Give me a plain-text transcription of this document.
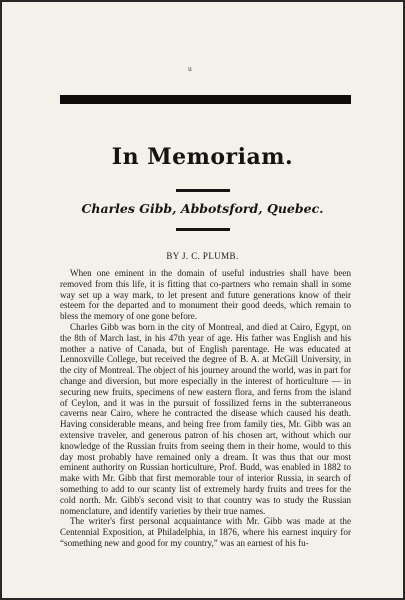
u
In Memoriam.
Charles Gibb, Abbotsford, Quebec.
BY J. C. PLUMB.

When one eminent in the domain of useful industries shall have been removed from this life, it is fitting that co-partners who remain shall in some way set up a way mark, to let present and future generations know of their esteem for the departed and to monument their good deeds, which remain to bless the memory of one gone before.

Charles Gibb was born in the city of Montreal, and died at Cairo, Egypt, on the 8th of March last, in his 47th year of age. His father was English and his mother a native of Canada, but of English parentage. He was educated at Lennoxville College, but received the degree of B. A. at McGill University, in the city of Montreal. The object of his journey around the world, was in part for change and diversion, but more especially in the interest of horticulture — in securing new fruits, specimens of new eastern flora, and ferns from the island of Ceylon, and it was in the pursuit of fossilized ferns in the subterraneous caverns near Cairo, where he contracted the disease which caused his death. Having considerable means, and being free from family ties, Mr. Gibb was an extensive traveler, and generous patron of his chosen art, without which our knowledge of the Russian fruits from seeing them in their home, would to this day most probably have remained only a dream. It was thus that our most eminent authority on Russian horticulture, Prof. Budd, was enabled in 1882 to make with Mr. Gibb that first memorable tour of interior Russia, in search of something to add to our scanty list of extremely hardy fruits and trees for the cold north. Mr. Gibb's second visit to that country was to study the Russian nomenclature, and identify varieties by their true names.

The writer's first personal acquaintance with Mr. Gibb was made at the Centennial Exposition, at Philadelphia, in 1876, where his earnest inquiry for “something new and good for my country,” was an earnest of his fu-
